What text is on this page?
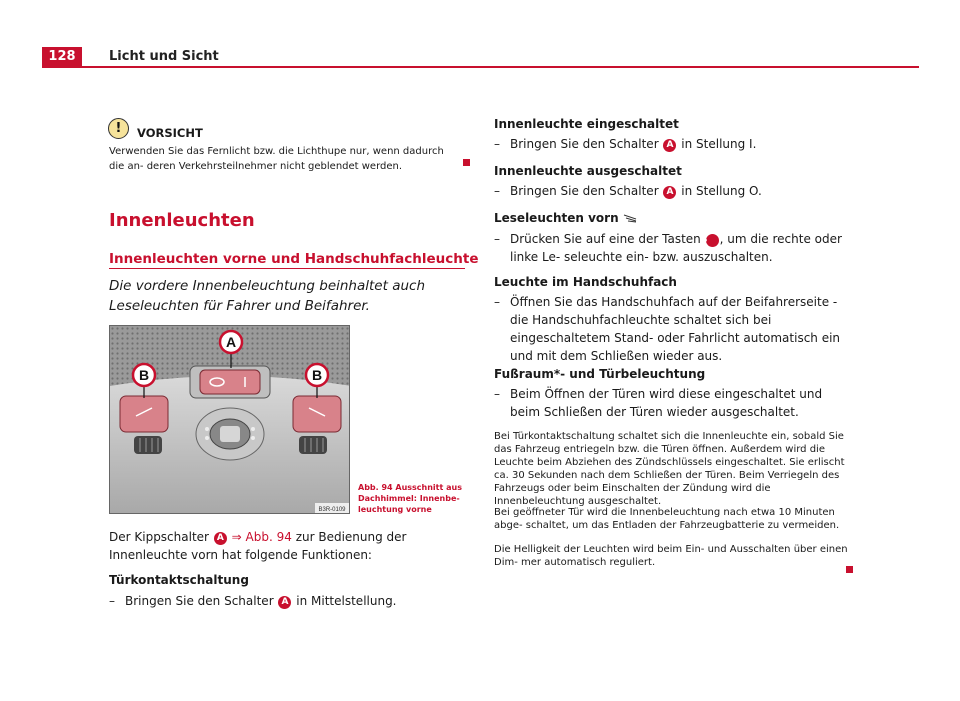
128	Licht und Sicht
!	VORSICHT
Verwenden Sie das Fernlicht bzw. die Lichthupe nur, wenn dadurch die an- deren Verkehrsteilnehmer nicht geblendet werden.
Innenleuchten
Innenleuchten vorne und Handschuhfachleuchte
Die vordere Innenbeleuchtung beinhaltet auch Leseleuchten für Fahrer und Beifahrer.
A
B	B
B3R-0109
Abb. 94 Ausschnitt aus Dachhimmel: Innenbe- leuchtung vorne
Der Kippschalter A ⇒ Abb. 94 zur Bedienung der Innenleuchte vorn hat folgende Funktionen:
Türkontaktschaltung
– Bringen Sie den Schalter A in Mittelstellung.
Innenleuchte eingeschaltet
– Bringen Sie den Schalter A in Stellung I.
Innenleuchte ausgeschaltet
– Bringen Sie den Schalter A in Stellung O.
Leseleuchten vorn
– Drücken Sie auf eine der Tasten B , um die rechte oder linke Le- seleuchte ein- bzw. auszuschalten.
Leuchte im Handschuhfach
– Öffnen Sie das Handschuhfach auf der Beifahrerseite - die Handschuhfachleuchte schaltet sich bei eingeschaltetem Stand- oder Fahrlicht automatisch ein und mit dem Schließen wieder aus.
Fußraum*- und Türbeleuchtung
– Beim Öffnen der Türen wird diese eingeschaltet und beim Schließen der Türen wieder ausgeschaltet.
Bei Türkontaktschaltung schaltet sich die Innenleuchte ein, sobald Sie das Fahrzeug entriegeln bzw. die Türen öffnen. Außerdem wird die Leuchte beim Abziehen des Zündschlüssels eingeschaltet. Sie erlischt ca. 30 Sekunden nach dem Schließen der Türen. Beim Verriegeln des Fahrzeugs oder beim Einschalten der Zündung wird die Innenbeleuchtung ausgeschaltet.
Bei geöffneter Tür wird die Innenbeleuchtung nach etwa 10 Minuten abge- schaltet, um das Entladen der Fahrzeugbatterie zu vermeiden.
Die Helligkeit der Leuchten wird beim Ein- und Ausschalten über einen Dim- mer automatisch reguliert.
